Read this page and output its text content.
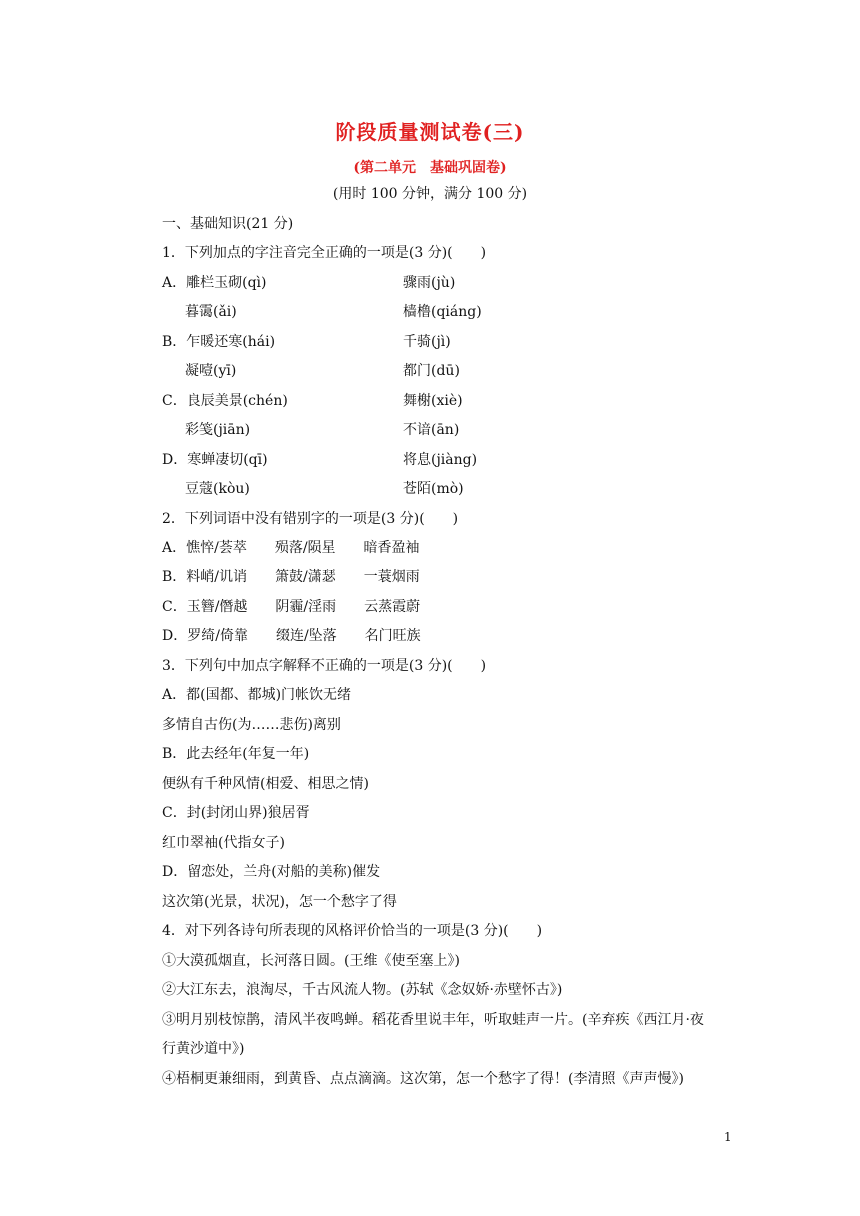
阶段质量测试卷(三)
(第二单元　基础巩固卷)
(用时 100 分钟，满分 100 分)
一、基础知识(21 分)
1．下列加点的字注音完全正确的一项是(3 分)(　　)
A．雕栏玉砌(qì)	骤雨(jù)
暮霭(ǎi)	樯橹(qiáng)
B．乍暖还寒(hái)	千骑(jì)
凝噎(yī)	都门(dū)
C．良辰美景(chén)	舞榭(xiè)
彩笺(jiān)	不谙(ān)
D．寒蝉凄切(qī)	将息(jiàng)
豆蔻(kòu)	苍陌(mò)
2．下列词语中没有错别字的一项是(3 分)(　　)
A．憔悴/荟萃　　殒落/陨星　　暗香盈袖
B．料峭/讥诮　　箫鼓/潇瑟　　一蓑烟雨
C．玉簪/僭越　　阴霾/淫雨　　云蒸霞蔚
D．罗绮/倚靠　　缀连/坠落　　名门旺族
3．下列句中加点字解释不正确的一项是(3 分)(　　)
A．都(国都、都城)门帐饮无绪
多情自古伤(为……悲伤)离别
B．此去经年(年复一年)
便纵有千种风情(相爱、相思之情)
C．封(封闭山界)狼居胥
红巾翠袖(代指女子)
D．留恋处，兰舟(对船的美称)催发
这次第(光景，状况)，怎一个愁字了得
4．对下列各诗句所表现的风格评价恰当的一项是(3 分)(　　)
①大漠孤烟直，长河落日圆。(王维《使至塞上》)
②大江东去，浪淘尽，千古风流人物。(苏轼《念奴娇·赤壁怀古》)
③明月别枝惊鹊，清风半夜鸣蝉。稻花香里说丰年，听取蛙声一片。(辛弃疾《西江月·夜
行黄沙道中》)
④梧桐更兼细雨，到黄昏、点点滴滴。这次第，怎一个愁字了得！(李清照《声声慢》)
1
